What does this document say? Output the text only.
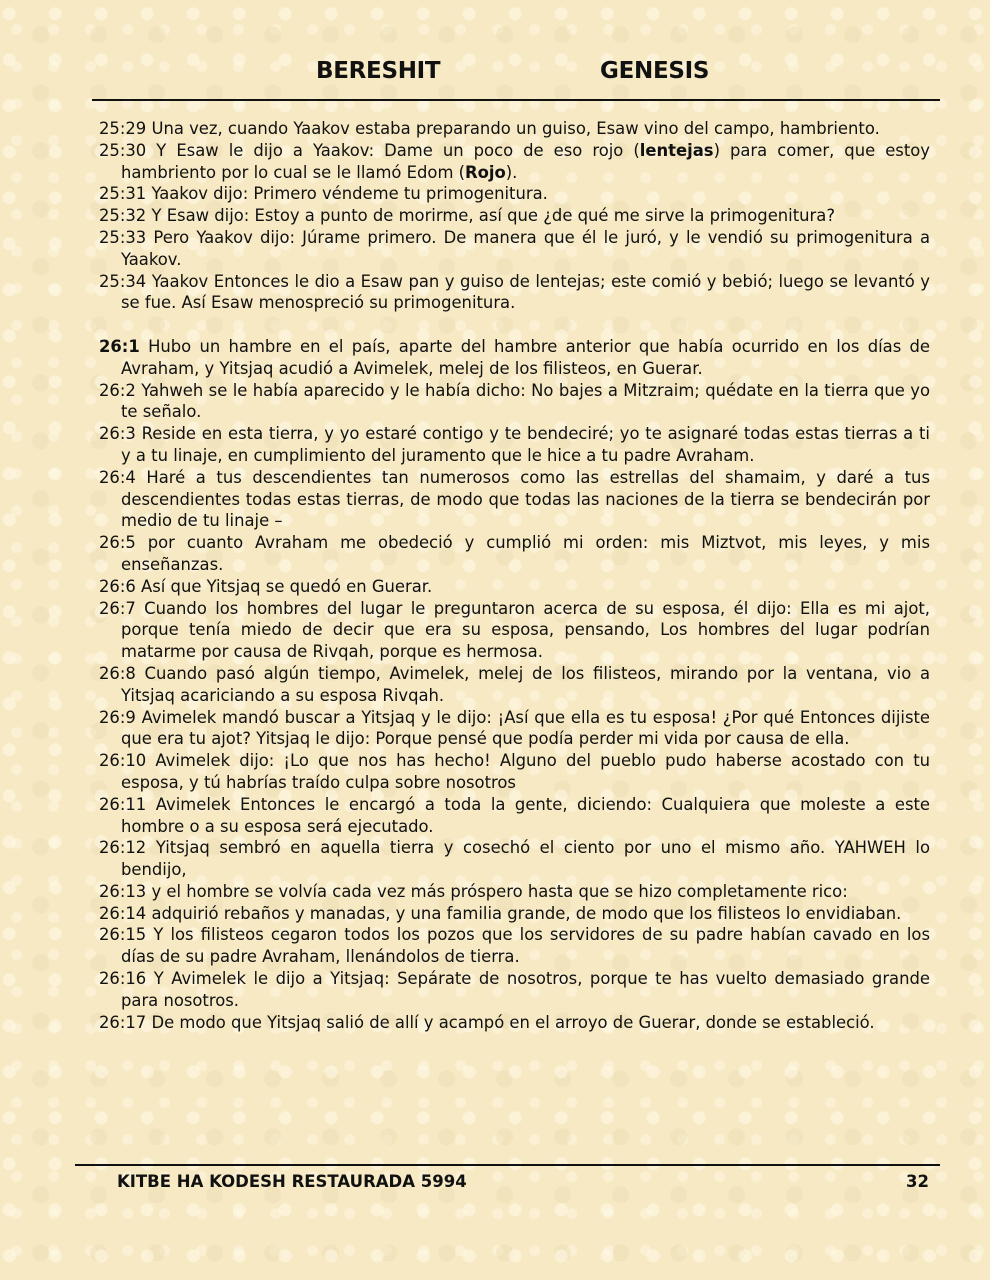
BERESHIT	GENESIS

25:29 Una vez, cuando Yaakov estaba preparando un guiso, Esaw vino del campo, hambriento.

25:30 Y Esaw le dijo a Yaakov: Dame un poco de eso rojo (lentejas) para comer, que estoy hambriento por lo cual se le llamó Edom (Rojo).

25:31 Yaakov dijo: Primero véndeme tu primogenitura.

25:32 Y Esaw dijo: Estoy a punto de morirme, así que ¿de qué me sirve la primogenitura?

25:33 Pero Yaakov dijo: Júrame primero. De manera que él le juró, y le vendió su primogenitura a Yaakov.

25:34 Yaakov Entonces le dio a Esaw pan y guiso de lentejas; este comió y bebió; luego se levantó y se fue. Así Esaw menospreció su primogenitura.

26:1 Hubo un hambre en el país, aparte del hambre anterior que había ocurrido en los días de Avraham, y Yitsjaq acudió a Avimelek, melej de los filisteos, en Guerar.

26:2 Yahweh se le había aparecido y le había dicho: No bajes a Mitzraim; quédate en la tierra que yo te señalo.

26:3 Reside en esta tierra, y yo estaré contigo y te bendeciré; yo te asignaré todas estas tierras a ti y a tu linaje, en cumplimiento del juramento que le hice a tu padre Avraham.

26:4 Haré a tus descendientes tan numerosos como las estrellas del shamaim, y daré a tus descendientes todas estas tierras, de modo que todas las naciones de la tierra se bendecirán por medio de tu linaje –

26:5 por cuanto Avraham me obedeció y cumplió mi orden: mis Miztvot, mis leyes, y mis enseñanzas.

26:6 Así que Yitsjaq se quedó en Guerar.

26:7 Cuando los hombres del lugar le preguntaron acerca de su esposa, él dijo: Ella es mi ajot, porque tenía miedo de decir que era su esposa, pensando, Los hombres del lugar podrían matarme por causa de Rivqah, porque es hermosa.

26:8 Cuando pasó algún tiempo, Avimelek, melej de los filisteos, mirando por la ventana, vio a Yitsjaq acariciando a su esposa Rivqah.

26:9 Avimelek mandó buscar a Yitsjaq y le dijo: ¡Así que ella es tu esposa! ¿Por qué Entonces dijiste que era tu ajot? Yitsjaq le dijo: Porque pensé que podía perder mi vida por causa de ella.

26:10 Avimelek dijo: ¡Lo que nos has hecho! Alguno del pueblo pudo haberse acostado con tu esposa, y tú habrías traído culpa sobre nosotros

26:11 Avimelek Entonces le encargó a toda la gente, diciendo: Cualquiera que moleste a este hombre o a su esposa será ejecutado.

26:12 Yitsjaq sembró en aquella tierra y cosechó el ciento por uno el mismo año. YAHWEH lo bendijo,

26:13 y el hombre se volvía cada vez más próspero hasta que se hizo completamente rico:

26:14 adquirió rebaños y manadas, y una familia grande, de modo que los filisteos lo envidiaban.

26:15 Y los filisteos cegaron todos los pozos que los servidores de su padre habían cavado en los días de su padre Avraham, llenándolos de tierra.

26:16 Y Avimelek le dijo a Yitsjaq: Sepárate de nosotros, porque te has vuelto demasiado grande para nosotros.

26:17 De modo que Yitsjaq salió de allí y acampó en el arroyo de Guerar, donde se estableció.

KITBE HA KODESH RESTAURADA 5994	32
